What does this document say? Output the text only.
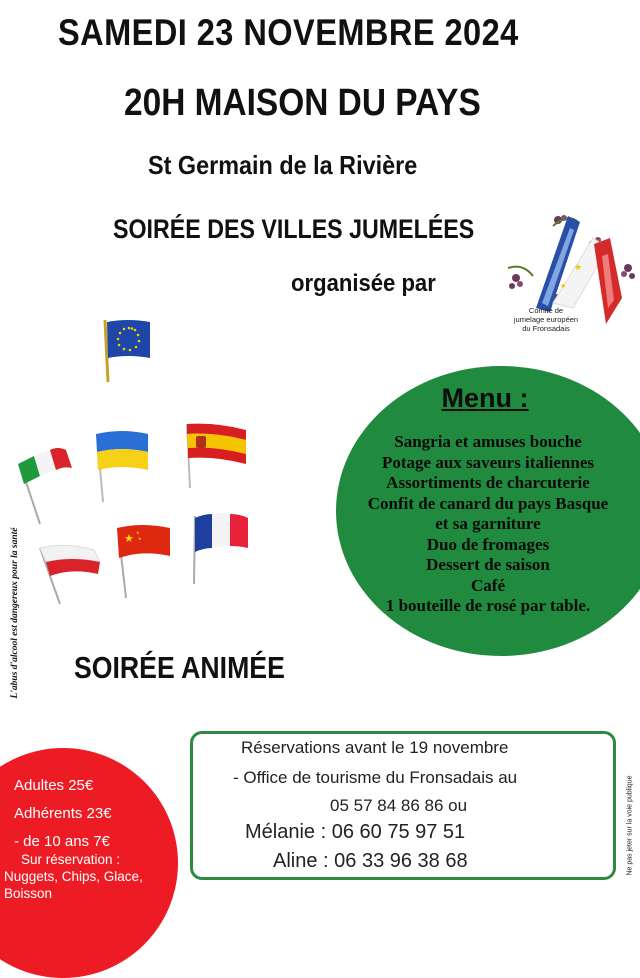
SAMEDI 23 NOVEMBRE 2024
20H MAISON DU PAYS
St Germain de la Rivière
SOIRÉE DES VILLES JUMELÉES
organisée par
★
★
Comité de
jumelage européen
du Fronsadais
★
★
★
Menu :
Sangria et amuses bouche
Potage aux saveurs italiennes
Assortiments de charcuterie
Confit de canard du pays Basque
et sa garniture
Duo de fromages
Dessert de saison
Café
1 bouteille de rosé par table.
SOIRÉE ANIMÉE
L'abus d'alcool est dangereux pour la santé
Ne pas jeter sur la voie publique
Adultes 25€
Adhérents 23€
- de 10 ans 7€
Sur réservation :
Nuggets, Chips, Glace,
Boisson
Réservations avant le 19 novembre
- Office de tourisme du Fronsadais au
05 57 84 86 86 ou
Mélanie : 06 60 75 97 51
Aline : 06 33 96 38 68
